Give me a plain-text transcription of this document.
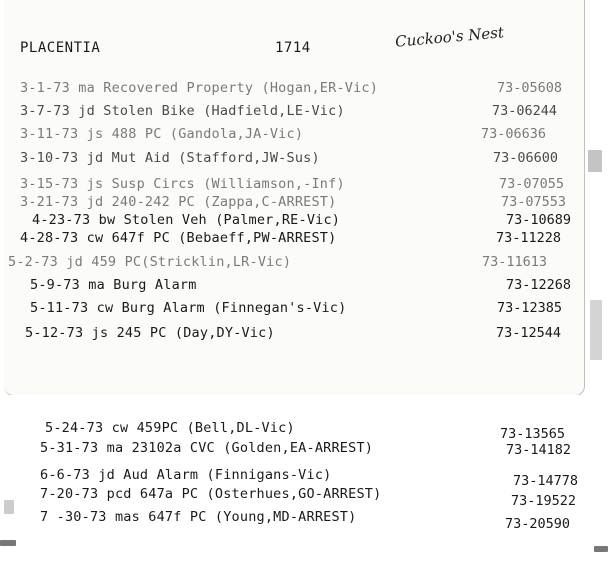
PLACENTIA	1714	Cuckoo's Nest
3-1-73 ma Recovered Property (Hogan,ER-Vic)	73-05608
3-7-73 jd Stolen Bike (Hadfield,LE-Vic)	73-06244
3-11-73 js 488 PC (Gandola,JA-Vic)	73-06636
3-10-73 jd Mut Aid (Stafford,JW-Sus)	73-06600
3-15-73 js Susp Circs (Williamson,-Inf)	73-07055
3-21-73 jd 240-242 PC (Zappa,C-ARREST)	73-07553
4-23-73 bw Stolen Veh (Palmer,RE-Vic)	73-10689
4-28-73 cw 647f PC (Bebaeff,PW-ARREST)	73-11228
5-2-73 jd 459 PC(Stricklin,LR-Vic)	73-11613
5-9-73 ma Burg Alarm	73-12268
5-11-73 cw Burg Alarm (Finnegan's-Vic)	73-12385
5-12-73 js 245 PC (Day,DY-Vic)	73-12544
5-24-73 cw 459PC (Bell,DL-Vic)	73-13565
5-31-73 ma 23102a CVC (Golden,EA-ARREST)	73-14182
6-6-73 jd Aud Alarm (Finnigans-Vic)	73-14778
7-20-73 pcd 647a PC (Osterhues,GO-ARREST)	73-19522
7 -30-73 mas 647f PC (Young,MD-ARREST)	73-20590
